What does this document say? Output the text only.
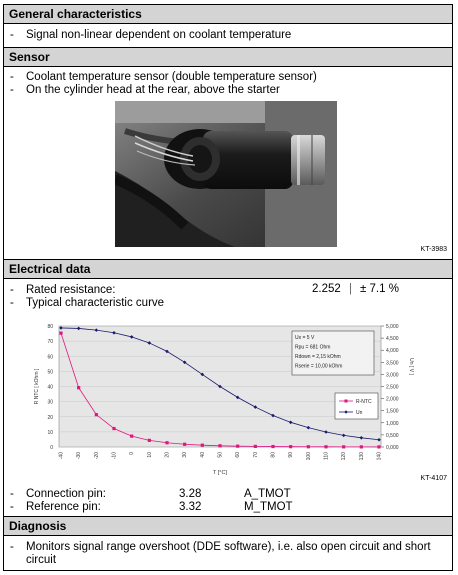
General characteristics
- Signal non-linear dependent on coolant temperature
Sensor
- Coolant temperature sensor (double temperature sensor)
- On the cylinder head at the rear, above the starter
KT-3983
Electrical data
- Rated resistance:
- Typical characteristic curve
2.252 | ± 7.1 %
0
10
20
30
40
50
60
70
80
0,000
0,500
1,000
1,500
2,000
2,500
3,000
3,500
4,000
4,500
5,000
-40 -30 -20 -10 0 10 20 30 40 50 60 70 80 90 100 110 120 130 140
T [°C]
R NTC [ kOhm ]
Un [ V ]
Ux = 5 V
Rpu = 681 Ohm
Rdown = 2,15 kOhm
Rserie = 10,00 kOhm
R-NTC
Un
KT-4107
- Connection pin:
- Reference pin:
3.28	A_TMOT
3.32	M_TMOT
Diagnosis
- Monitors signal range overshoot (DDE software), i.e. also open circuit and short circuit
